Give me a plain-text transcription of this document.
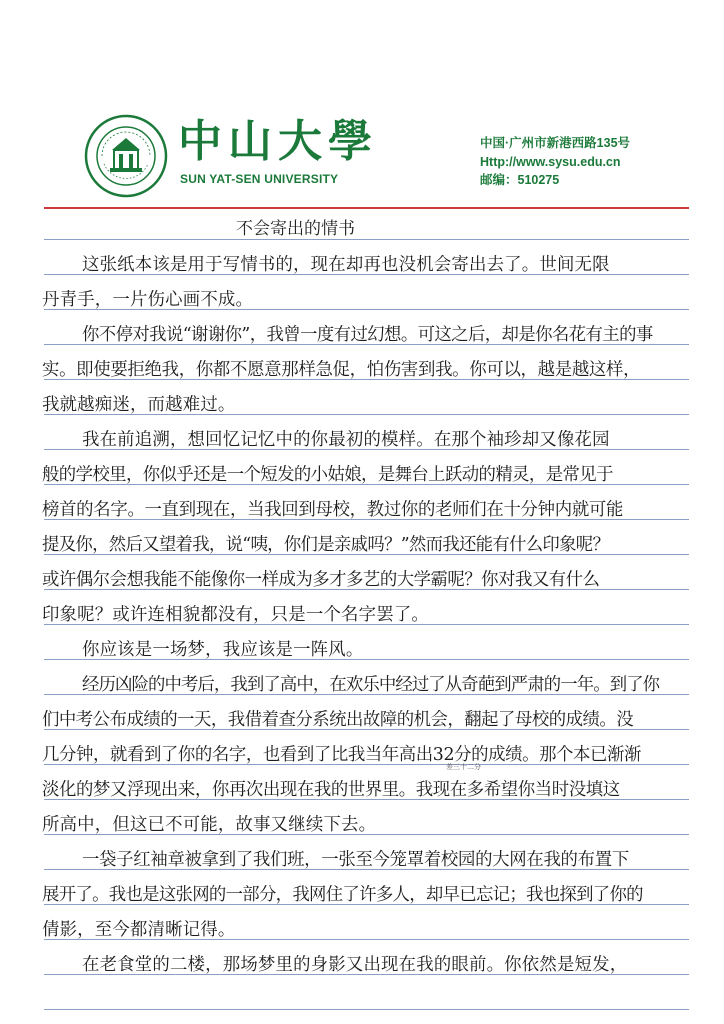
中山大學
SUN YAT-SEN UNIVERSITY
中国·广州市新港西路135号
Http://www.sysu.edu.cn
邮编：510275
不会寄出的情书
这张纸本该是用于写情书的，现在却再也没机会寄出去了。世间无限
丹青手，一片伤心画不成。
你不停对我说“谢谢你”，我曾一度有过幻想。可这之后，却是你名花有主的事
实。即使要拒绝我，你都不愿意那样急促，怕伤害到我。你可以，越是越这样，
我就越痴迷，而越难过。
我在前追溯，想回忆记忆中的你最初的模样。在那个袖珍却又像花园
般的学校里，你似乎还是一个短发的小姑娘，是舞台上跃动的精灵，是常见于
榜首的名字。一直到现在，当我回到母校，教过你的老师们在十分钟内就可能
提及你，然后又望着我，说“咦，你们是亲戚吗？”然而我还能有什么印象呢？
或许偶尔会想我能不能像你一样成为多才多艺的大学霸呢？你对我又有什么
印象呢？或许连相貌都没有，只是一个名字罢了。
你应该是一场梦，我应该是一阵风。
经历凶险的中考后，我到了高中，在欢乐中经过了从奇葩到严肃的一年。到了你
们中考公布成绩的一天，我借着查分系统出故障的机会，翻起了母校的成绩。没
几分钟，就看到了你的名字，也看到了比我当年高出32分的成绩。那个本已渐渐
淡化的梦又浮现出来，你再次出现在我的世界里。我现在多希望你当时没填这
所高中，但这已不可能，故事又继续下去。
一袋子红袖章被拿到了我们班，一张至今笼罩着校园的大网在我的布置下
展开了。我也是这张网的一部分，我网住了许多人，却早已忘记；我也探到了你的
倩影，至今都清晰记得。
在老食堂的二楼，那场梦里的身影又出现在我的眼前。你依然是短发，
差三十二分
